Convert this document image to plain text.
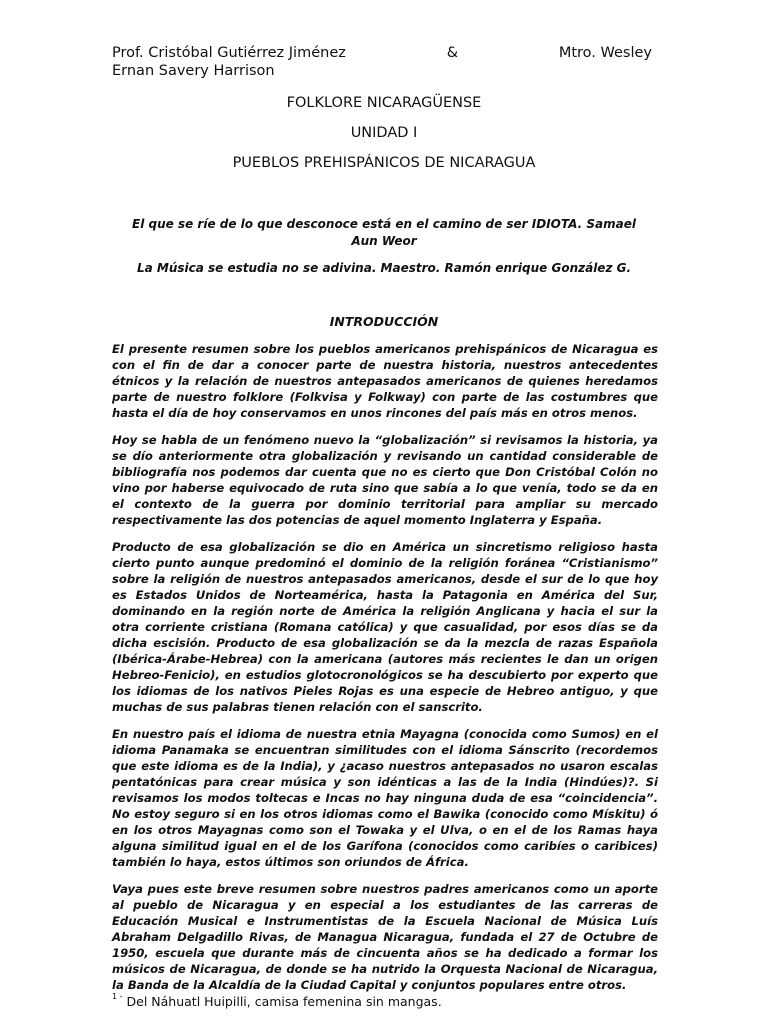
Prof. Cristóbal Gutiérrez Jiménez	&	Mtro. Wesley
Ernan Savery Harrison
FOLKLORE NICARAGÜENSE
UNIDAD I
PUEBLOS PREHISPÁNICOS DE NICARAGUA
El que se ríe de lo que desconoce está en el camino de ser IDIOTA. Samael Aun Weor
La Música se estudia no se adivina. Maestro. Ramón enrique González G.
INTRODUCCIÓN

El presente resumen sobre los pueblos americanos prehispánicos de Nicaragua es con el fin de dar a conocer parte de nuestra historia, nuestros antecedentes étnicos y la relación de nuestros antepasados americanos de quienes heredamos parte de nuestro folklore (Folkvisa y Folkway) con parte de las costumbres que hasta el día de hoy conservamos en unos rincones del país más en otros menos.

Hoy se habla de un fenómeno nuevo la “globalización” si revisamos la historia, ya se dío anteriormente otra globalización y revisando un cantidad considerable de bibliografía nos podemos dar cuenta que no es cierto que Don Cristóbal Colón no vino por haberse equivocado de ruta sino que sabía a lo que venía, todo se da en el contexto de la guerra por dominio territorial para ampliar su mercado respectivamente las dos potencias de aquel momento Inglaterra y España.

Producto de esa globalización se dio en América un sincretismo religioso hasta cierto punto aunque predominó el dominio de la religión foránea “Cristianismo” sobre la religión de nuestros antepasados americanos, desde el sur de lo que hoy es Estados Unidos de Norteamérica, hasta la Patagonia en América del Sur, dominando en la región norte de América la religión Anglicana y hacia el sur la otra corriente cristiana (Romana católica) y que casualidad, por esos días se da dicha escisión. Producto de esa globalización se da la mezcla de razas Española (Ibérica-Árabe-Hebrea) con la americana (autores más recientes le dan un origen Hebreo-Fenicio), en estudios glotocronológicos se ha descubierto por experto que los idiomas de los nativos Pieles Rojas es una especie de Hebreo antiguo, y que muchas de sus palabras tienen relación con el sanscrito.

En nuestro país el idioma de nuestra etnia Mayagna (conocida como Sumos) en el idioma Panamaka se encuentran similitudes con el idioma Sánscrito (recordemos que este idioma es de la India), y ¿acaso nuestros antepasados no usaron escalas pentatónicas para crear música y son idénticas a las de la India (Hindúes)?. Si revisamos los modos toltecas e Incas no hay ninguna duda de esa “coincidencia”. No estoy seguro si en los otros idiomas como el Bawika (conocido como Mískitu) ó en los otros Mayagnas como son el Towaka y el Ulva, o en el de los Ramas haya alguna similitud igual en el de los Garífona (conocidos como caribíes o caribices) también lo haya, estos últimos son oriundos de África.

Vaya pues este breve resumen sobre nuestros padres americanos como un aporte al pueblo de Nicaragua y en especial a los estudiantes de las carreras de Educación Musical e Instrumentistas de la Escuela Nacional de Música Luís Abraham Delgadillo Rivas, de Managua Nicaragua, fundada el 27 de Octubre de 1950, escuela que durante más de cincuenta años se ha dedicado a formar los músicos de Nicaragua, de donde se ha nutrido la Orquesta Nacional de Nicaragua, la Banda de la Alcaldía de la Ciudad Capital y conjuntos populares entre otros.

$^{1 -}$ Del Náhuatl Huipilli, camisa femenina sin mangas.
